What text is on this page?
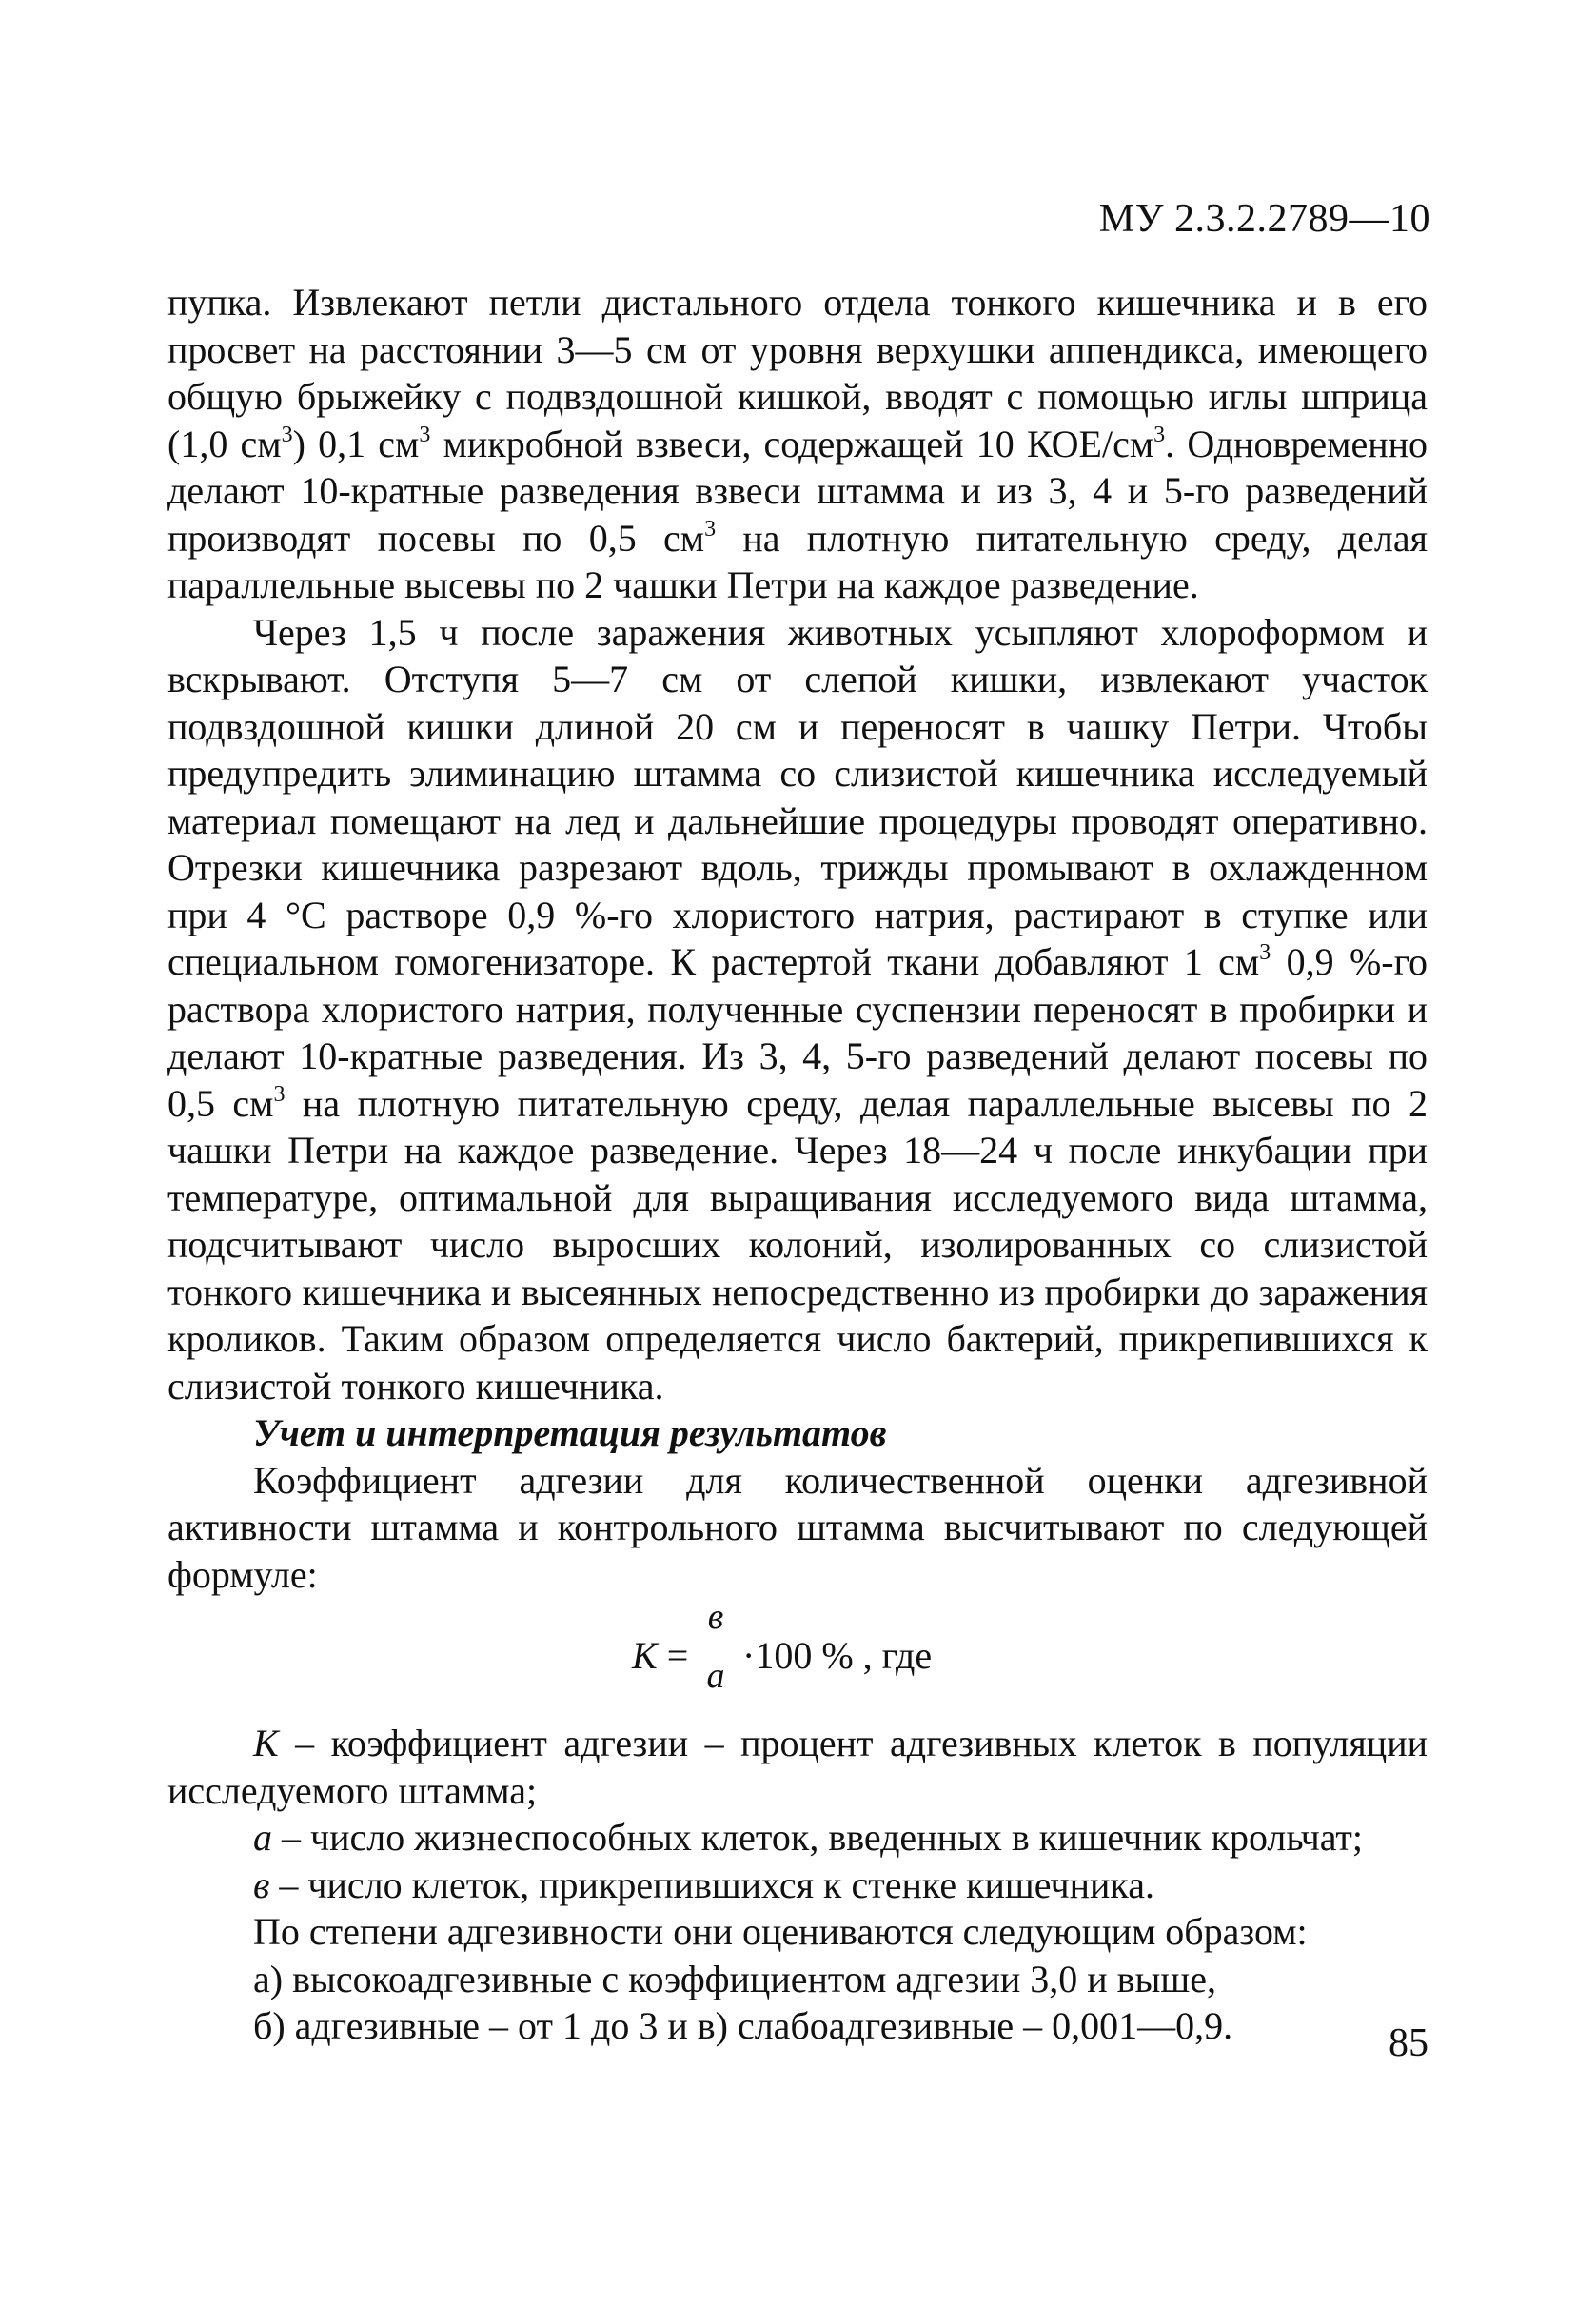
МУ 2.3.2.2789—10

пупка. Извлекают петли дистального отдела тонкого кишечника и в его просвет на расстоянии 3—5 см от уровня верхушки аппендикса, имеющего общую брыжейку с подвздошной кишкой, вводят с помощью иглы шприца (1,0 $см^3$) 0,1 $см^3$ микробной взвеси, содержащей 10 КОЕ/$см^3$. Одновременно делают 10-кратные разведения взвеси штамма и из 3, 4 и 5-го разведений производят посевы по 0,5 $см^3$ на плотную питательную среду, делая параллельные высевы по 2 чашки Петри на каждое разведение.

Через 1,5 ч после заражения животных усыпляют хлороформом и вскрывают. Отступя 5—7 см от слепой кишки, извлекают участок подвздошной кишки длиной 20 см и переносят в чашку Петри. Чтобы предупредить элиминацию штамма со слизистой кишечника исследуемый материал помещают на лед и дальнейшие процедуры проводят оперативно. Отрезки кишечника разрезают вдоль, трижды промывают в охлажденном при 4 °С растворе 0,9 %-го хлористого натрия, растирают в ступке или специальном гомогенизаторе. К растертой ткани добавляют 1 $см^3$ 0,9 %-го раствора хлористого натрия, полученные суспензии переносят в пробирки и делают 10-кратные разведения. Из 3, 4, 5-го разведений делают посевы по 0,5 $см^3$ на плотную питательную среду, делая параллельные высевы по 2 чашки Петри на каждое разведение. Через 18—24 ч после инкубации при температуре, оптимальной для выращивания исследуемого вида штамма, подсчитывают число выросших колоний, изолированных со слизистой тонкого кишечника и высеянных непосредственно из пробирки до заражения кроликов. Таким образом определяется число бактерий, прикрепившихся к слизистой тонкого кишечника.

Учет и интерпретация результатов

Коэффициент адгезии для количественной оценки адгезивной активности штамма и контрольного штамма высчитывают по следующей формуле:

K =
в
а ·100 % , где

K – коэффициент адгезии – процент адгезивных клеток в популяции исследуемого штамма;

а – число жизнеспособных клеток, введенных в кишечник крольчат;

в – число клеток, прикрепившихся к стенке кишечника.

По степени адгезивности они оцениваются следующим образом:

а) высокоадгезивные с коэффициентом адгезии 3,0 и выше,

б) адгезивные – от 1 до 3 и в) слабоадгезивные – 0,001—0,9.	85
